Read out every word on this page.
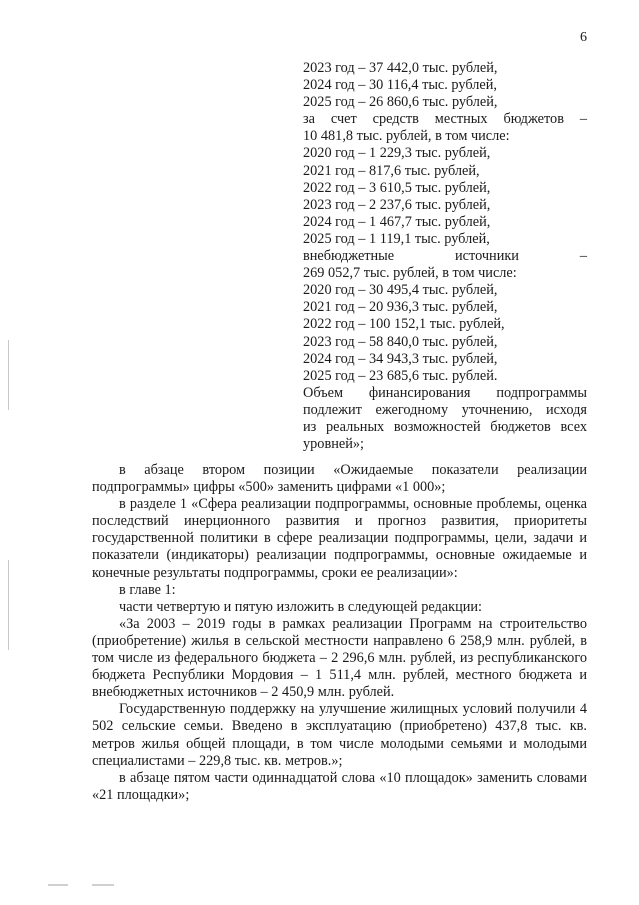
6
2023 год – 37 442,0 тыс. рублей,
2024 год – 30 116,4 тыс. рублей,
2025 год – 26 860,6 тыс. рублей,
за счет средств местных бюджетов –
10 481,8 тыс. рублей, в том числе:
2020 год – 1 229,3 тыс. рублей,
2021 год – 817,6 тыс. рублей,
2022 год – 3 610,5 тыс. рублей,
2023 год – 2 237,6 тыс. рублей,
2024 год – 1 467,7 тыс. рублей,
2025 год – 1 119,1 тыс. рублей,
внебюджетные источники –
269 052,7 тыс. рублей, в том числе:
2020 год – 30 495,4 тыс. рублей,
2021 год – 20 936,3 тыс. рублей,
2022 год – 100 152,1 тыс. рублей,
2023 год – 58 840,0 тыс. рублей,
2024 год – 34 943,3 тыс. рублей,
2025 год – 23 685,6 тыс. рублей.
Объем финансирования подпрограммы
подлежит ежегодному уточнению, исходя
из реальных возможностей бюджетов всех
уровней»;

в абзаце втором позиции «Ожидаемые показатели реализации подпрограммы» цифры «500» заменить цифрами «1 000»;

в разделе 1 «Сфера реализации подпрограммы, основные проблемы, оценка последствий инерционного развития и прогноз развития, приоритеты государственной политики в сфере реализации подпрограммы, цели, задачи и показатели (индикаторы) реализации подпрограммы, основные ожидаемые и конечные результаты подпрограммы, сроки ее реализации»:

в главе 1:

части четвертую и пятую изложить в следующей редакции:

«За 2003 – 2019 годы в рамках реализации Программ на строительство (приобретение) жилья в сельской местности направлено 6 258,9 млн. рублей, в том числе из федерального бюджета – 2 296,6 млн. рублей, из республиканского бюджета Республики Мордовия – 1 511,4 млн. рублей, местного бюджета и внебюджетных источников – 2 450,9 млн. рублей.

Государственную поддержку на улучшение жилищных условий получили 4 502 сельские семьи. Введено в эксплуатацию (приобретено) 437,8 тыс. кв. метров жилья общей площади, в том числе молодыми семьями и молодыми специалистами – 229,8 тыс. кв. метров.»;

в абзаце пятом части одиннадцатой слова «10 площадок» заменить словами «21 площадки»;
